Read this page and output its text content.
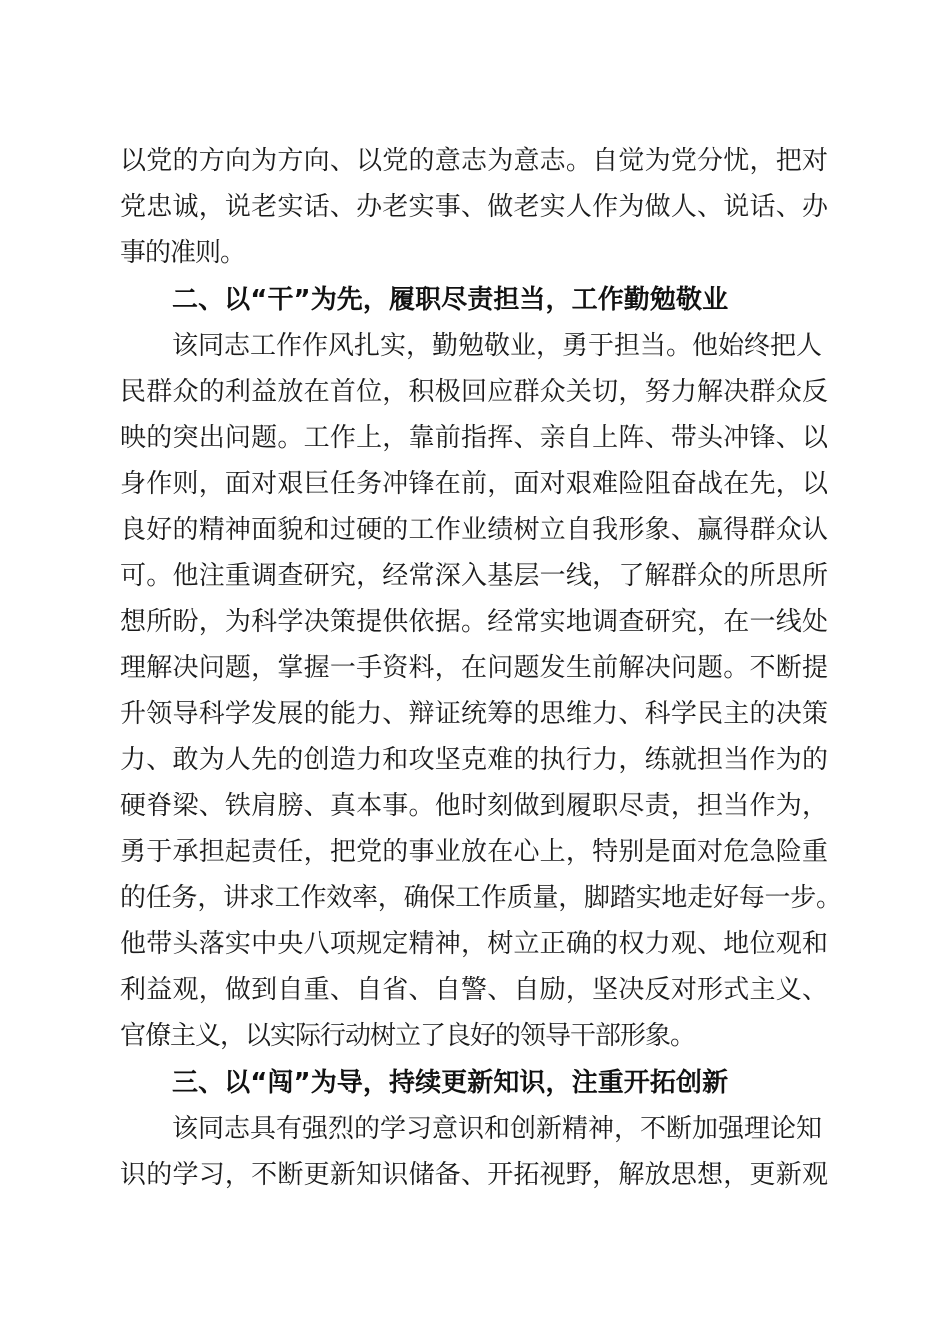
以党的方向为方向、以党的意志为意志。自觉为党分忧，把对
党忠诚，说老实话、办老实事、做老实人作为做人、说话、办
事的准则。
二、以“干”为先，履职尽责担当，工作勤勉敬业
该同志工作作风扎实，勤勉敬业，勇于担当。他始终把人
民群众的利益放在首位，积极回应群众关切，努力解决群众反
映的突出问题。工作上，靠前指挥、亲自上阵、带头冲锋、以
身作则，面对艰巨任务冲锋在前，面对艰难险阻奋战在先，以
良好的精神面貌和过硬的工作业绩树立自我形象、赢得群众认
可。他注重调查研究，经常深入基层一线，了解群众的所思所
想所盼，为科学决策提供依据。经常实地调查研究，在一线处
理解决问题，掌握一手资料，在问题发生前解决问题。不断提
升领导科学发展的能力、辩证统筹的思维力、科学民主的决策
力、敢为人先的创造力和攻坚克难的执行力，练就担当作为的
硬脊梁、铁肩膀、真本事。他时刻做到履职尽责，担当作为，
勇于承担起责任，把党的事业放在心上，特别是面对危急险重
的任务，讲求工作效率，确保工作质量，脚踏实地走好每一步。
他带头落实中央八项规定精神，树立正确的权力观、地位观和
利益观，做到自重、自省、自警、自励，坚决反对形式主义、
官僚主义，以实际行动树立了良好的领导干部形象。
三、以“闯”为导，持续更新知识，注重开拓创新
该同志具有强烈的学习意识和创新精神，不断加强理论知
识的学习，不断更新知识储备、开拓视野，解放思想，更新观
